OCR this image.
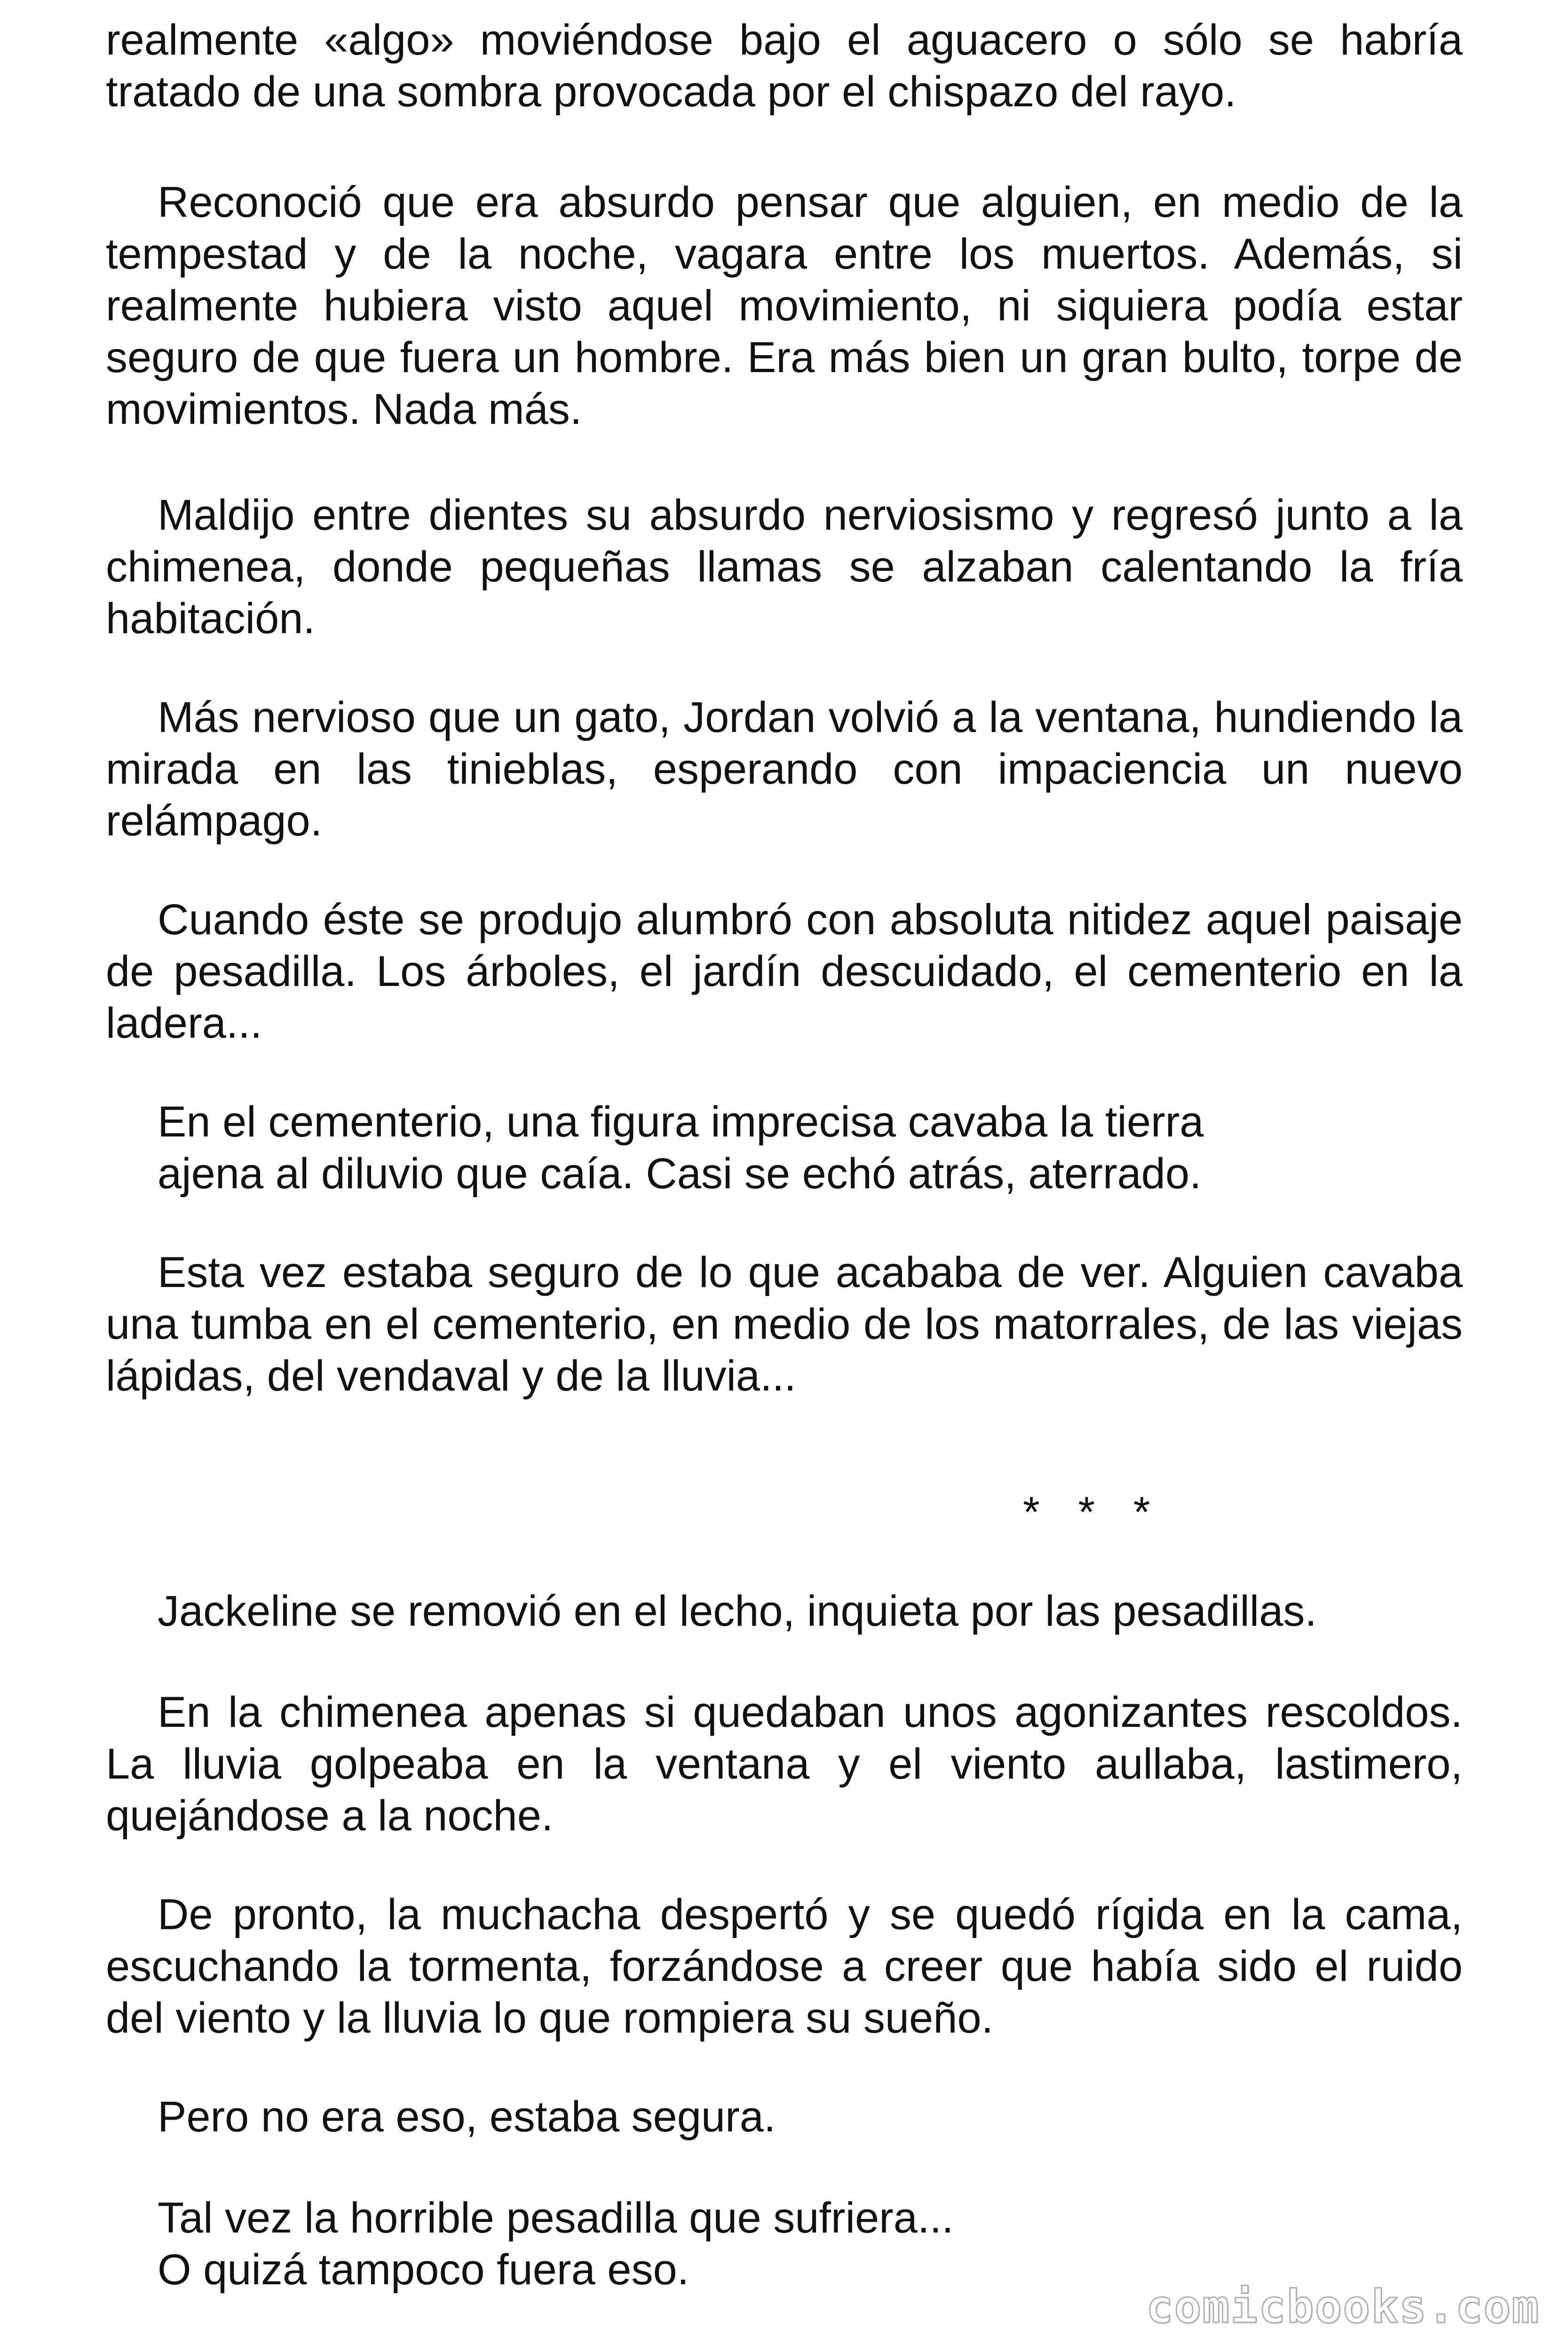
realmente «algo» moviéndose bajo el aguacero o sólo se habría
tratado de una sombra provocada por el chispazo del rayo.
Reconoció que era absurdo pensar que alguien, en medio de la
tempestad y de la noche, vagara entre los muertos. Además, si
realmente hubiera visto aquel movimiento, ni siquiera podía estar
seguro de que fuera un hombre. Era más bien un gran bulto, torpe de
movimientos. Nada más.
Maldijo entre dientes su absurdo nerviosismo y regresó junto a la
chimenea, donde pequeñas llamas se alzaban calentando la fría
habitación.
Más nervioso que un gato, Jordan volvió a la ventana, hundiendo la
mirada en las tinieblas, esperando con impaciencia un nuevo
relámpago.
Cuando éste se produjo alumbró con absoluta nitidez aquel paisaje
de pesadilla. Los árboles, el jardín descuidado, el cementerio en la
ladera...
En el cementerio, una figura imprecisa cavaba la tierra
ajena al diluvio que caía. Casi se echó atrás, aterrado.
Esta vez estaba seguro de lo que acababa de ver. Alguien cavaba
una tumba en el cementerio, en medio de los matorrales, de las viejas
lápidas, del vendaval y de la lluvia...
* * *
Jackeline se removió en el lecho, inquieta por las pesadillas.
En la chimenea apenas si quedaban unos agonizantes rescoldos.
La lluvia golpeaba en la ventana y el viento aullaba, lastimero,
quejándose a la noche.
De pronto, la muchacha despertó y se quedó rígida en la cama,
escuchando la tormenta, forzándose a creer que había sido el ruido
del viento y la lluvia lo que rompiera su sueño.
Pero no era eso, estaba segura.
Tal vez la horrible pesadilla que sufriera...
O quizá tampoco fuera eso.
comicbooks.com
